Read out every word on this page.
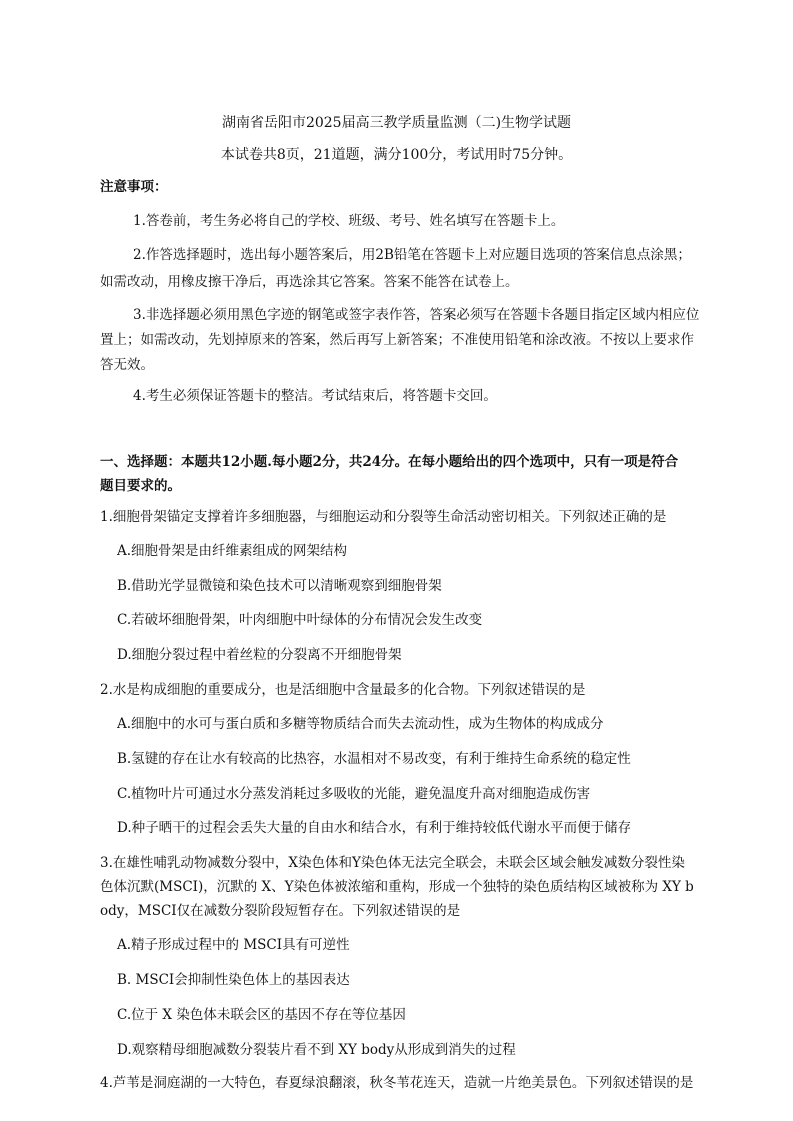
湖南省岳阳市2025届高三教学质量监测（二)生物学试题
本试卷共8页，21道题，满分100分，考试用时75分钟。
注意事项：
1.答卷前，考生务必将自己的学校、班级、考号、姓名填写在答题卡上。
2.作答选择题时，选出每小题答案后，用2B铅笔在答题卡上对应题目选项的答案信息点涂黑；
如需改动，用橡皮擦干净后，再选涂其它答案。答案不能答在试卷上。
3.非选择题必须用黑色字迹的钢笔或签字表作答，答案必须写在答题卡各题目指定区域内相应位
置上；如需改动，先划掉原来的答案，然后再写上新答案；不准使用铅笔和涂改液。不按以上要求作
答无效。
4.考生必须保证答题卡的整洁。考试结束后，将答题卡交回。
一、选择题：本题共12小题.每小题2分，共24分。在每小题给出的四个选项中，只有一项是符合
题目要求的。
1.细胞骨架锚定支撑着许多细胞器，与细胞运动和分裂等生命活动密切相关。下列叙述正确的是
A.细胞骨架是由纤维素组成的网架结构
B.借助光学显微镜和染色技术可以清晰观察到细胞骨架
C.若破坏细胞骨架，叶肉细胞中叶绿体的分布情况会发生改变
D.细胞分裂过程中着丝粒的分裂离不开细胞骨架
2.水是构成细胞的重要成分，也是活细胞中含量最多的化合物。下列叙述错误的是
A.细胞中的水可与蛋白质和多糖等物质结合而失去流动性，成为生物体的构成成分
B.氢键的存在让水有较高的比热容，水温相对不易改变，有利于维持生命系统的稳定性
C.植物叶片可通过水分蒸发消耗过多吸收的光能，避免温度升高对细胞造成伤害
D.种子晒干的过程会丢失大量的自由水和结合水，有利于维持较低代谢水平而便于储存
3.在雄性哺乳动物减数分裂中，X染色体和Y染色体无法完全联会，未联会区域会触发减数分裂性染
色体沉默(MSCI)，沉默的 X、Y染色体被浓缩和重构，形成一个独特的染色质结构区域被称为 XY b
ody，MSCI仅在减数分裂阶段短暂存在。下列叙述错误的是
A.精子形成过程中的 MSCI具有可逆性
B. MSCI会抑制性染色体上的基因表达
C.位于 X 染色体未联会区的基因不存在等位基因
D.观察精母细胞减数分裂装片看不到 XY body从形成到消失的过程
4.芦苇是洞庭湖的一大特色，春夏绿浪翻滚，秋冬苇花连天，造就一片绝美景色。下列叙述错误的是
